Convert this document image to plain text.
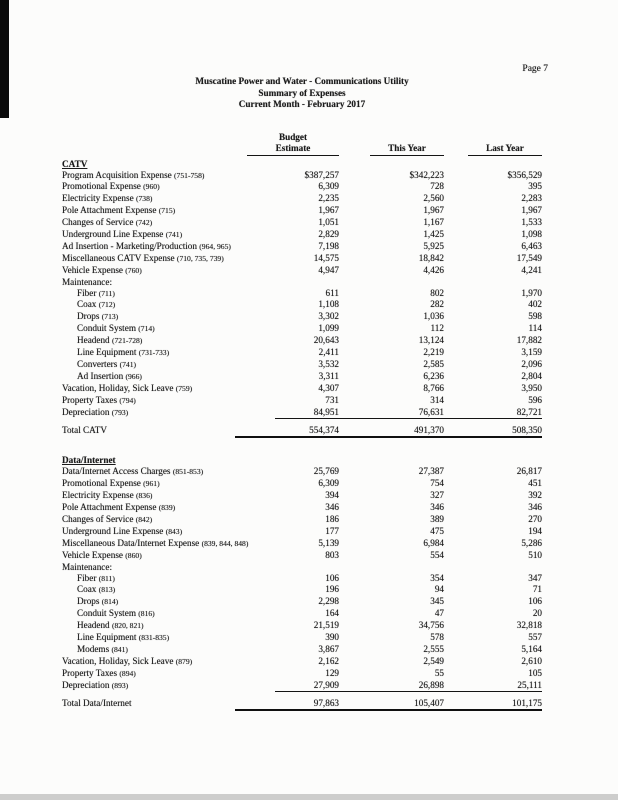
Page 7
Muscatine Power and Water - Communications Utility
Summary of Expenses
Current Month - February 2017
Budget
Estimate	This Year	Last Year
CATV
Program Acquisition Expense (751-758)	$387,257	$342,223	$356,529
Promotional Expense (960)	6,309	728	395
Electricity Expense (738)	2,235	2,560	2,283
Pole Attachment Expense (715)	1,967	1,967	1,967
Changes of Service (742)	1,051	1,167	1,533
Underground Line Expense (741)	2,829	1,425	1,098
Ad Insertion - Marketing/Production (964, 965)	7,198	5,925	6,463
Miscellaneous CATV Expense (710, 735, 739)	14,575	18,842	17,549
Vehicle Expense (760)	4,947	4,426	4,241
Maintenance:
Fiber (711)	611	802	1,970
Coax (712)	1,108	282	402
Drops (713)	3,302	1,036	598
Conduit System (714)	1,099	112	114
Headend (721-728)	20,643	13,124	17,882
Line Equipment (731-733)	2,411	2,219	3,159
Converters (741)	3,532	2,585	2,096
Ad Insertion (966)	3,311	6,236	2,804
Vacation, Holiday, Sick Leave (759)	4,307	8,766	3,950
Property Taxes (794)	731	314	596
Depreciation (793)	84,951	76,631	82,721
Total CATV	554,374	491,370	508,350
Data/Internet
Data/Internet Access Charges (851-853)	25,769	27,387	26,817
Promotional Expense (961)	6,309	754	451
Electricity Expense (836)	394	327	392
Pole Attachment Expense (839)	346	346	346
Changes of Service (842)	186	389	270
Underground Line Expense (843)	177	475	194
Miscellaneous Data/Internet Expense (839, 844, 848)	5,139	6,984	5,286
Vehicle Expense (860)	803	554	510
Maintenance:
Fiber (811)	106	354	347
Coax (813)	196	94	71
Drops (814)	2,298	345	106
Conduit System (816)	164	47	20
Headend (820, 821)	21,519	34,756	32,818
Line Equipment (831-835)	390	578	557
Modems (841)	3,867	2,555	5,164
Vacation, Holiday, Sick Leave (879)	2,162	2,549	2,610
Property Taxes (894)	129	55	105
Depreciation (893)	27,909	26,898	25,111
Total Data/Internet	97,863	105,407	101,175
